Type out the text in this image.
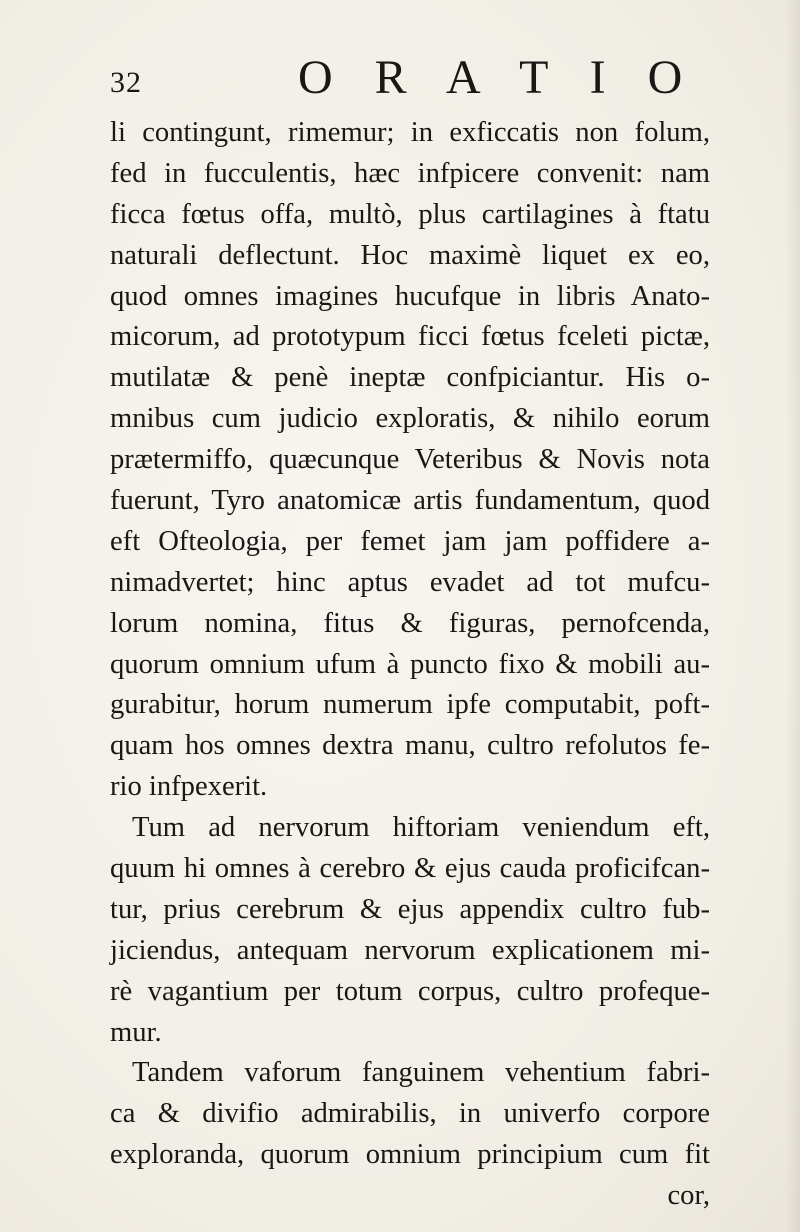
32	O R A T I O
li contingunt, rimemur; in exficcatis non folum,
fed in fucculentis, hæc infpicere convenit: nam
ficca fœtus offa, multò, plus cartilagines à ftatu
naturali deflectunt. Hoc maximè liquet ex eo,
quod omnes imagines hucufque in libris Anato-
micorum, ad prototypum ficci fœtus fceleti pictæ,
mutilatæ & penè ineptæ confpiciantur. His o-
mnibus cum judicio exploratis, & nihilo eorum
prætermiffo, quæcunque Veteribus & Novis nota
fuerunt, Tyro anatomicæ artis fundamentum, quod
eft Ofteologia, per femet jam jam poffidere a-
nimadvertet; hinc aptus evadet ad tot mufcu-
lorum nomina, fitus & figuras, pernofcenda,
quorum omnium ufum à puncto fixo & mobili au-
gurabitur, horum numerum ipfe computabit, poft-
quam hos omnes dextra manu, cultro refolutos fe-
rio infpexerit.
Tum ad nervorum hiftoriam veniendum eft,
quum hi omnes à cerebro & ejus cauda proficifcan-
tur, prius cerebrum & ejus appendix cultro fub-
jiciendus, antequam nervorum explicationem mi-
rè vagantium per totum corpus, cultro profeque-
mur.
Tandem vaforum fanguinem vehentium fabri-
ca & divifio admirabilis, in univerfo corpore
exploranda, quorum omnium principium cum fit
cor,
